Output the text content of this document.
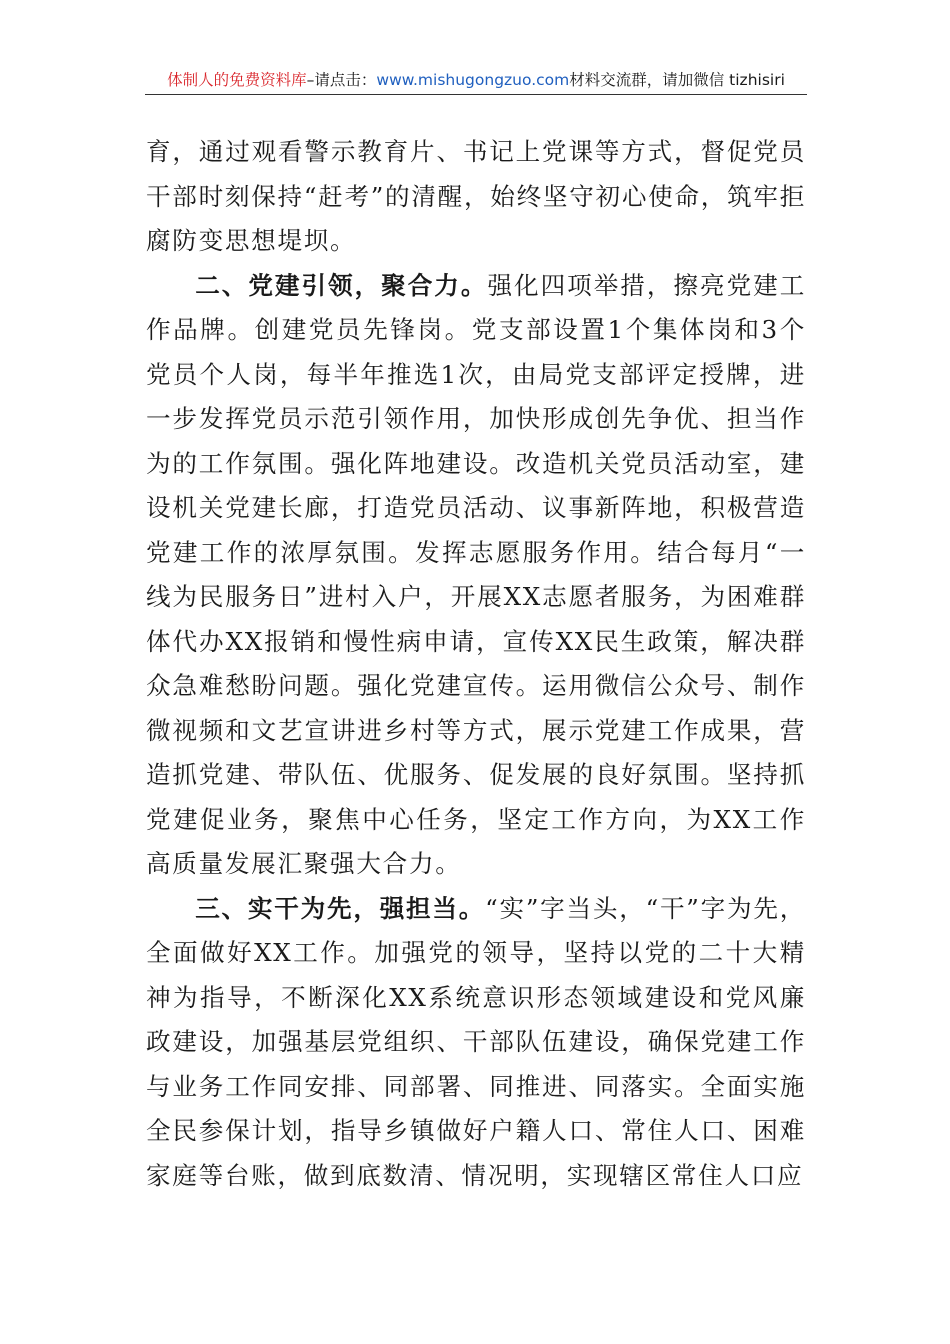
体制人的免费资料库–请点击：www.mishugongzuo.com材料交流群，请加微信 tizhisiri

育，通过观看警示教育片、书记上党课等方式，督促党员干部时刻保持“赶考”的清醒，始终坚守初心使命，筑牢拒腐防变思想堤坝。

二、党建引领，聚合力。强化四项举措，擦亮党建工作品牌。创建党员先锋岗。党支部设置1个集体岗和3个党员个人岗，每半年推选1次，由局党支部评定授牌，进一步发挥党员示范引领作用，加快形成创先争优、担当作为的工作氛围。强化阵地建设。改造机关党员活动室，建设机关党建长廊，打造党员活动、议事新阵地，积极营造党建工作的浓厚氛围。发挥志愿服务作用。结合每月“一线为民服务日”进村入户，开展XX志愿者服务，为困难群体代办XX报销和慢性病申请，宣传XX民生政策，解决群众急难愁盼问题。强化党建宣传。运用微信公众号、制作微视频和文艺宣讲进乡村等方式，展示党建工作成果，营造抓党建、带队伍、优服务、促发展的良好氛围。坚持抓党建促业务，聚焦中心任务，坚定工作方向，为XX工作高质量发展汇聚强大合力。

三、实干为先，强担当。“实”字当头，“干”字为先，全面做好XX工作。加强党的领导，坚持以党的二十大精神为指导，不断深化XX系统意识形态领域建设和党风廉政建设，加强基层党组织、干部队伍建设，确保党建工作与业务工作同安排、同部署、同推进、同落实。全面实施全民参保计划，指导乡镇做好户籍人口、常住人口、困难家庭等台账，做到底数清、情况明，实现辖区常住人口应
